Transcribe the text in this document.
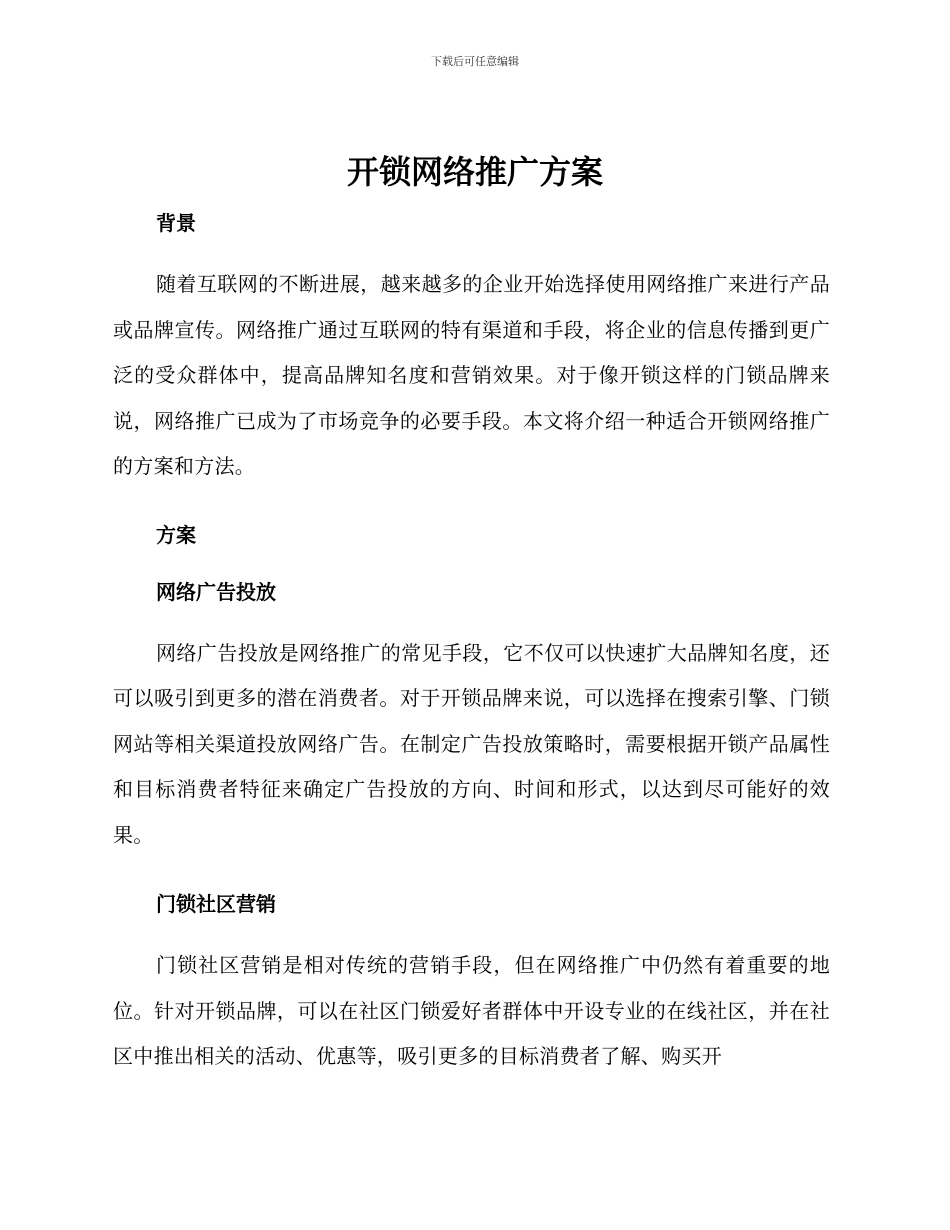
下载后可任意编辑
开锁网络推广方案
背景

随着互联网的不断进展，越来越多的企业开始选择使用网络推广来进行产品或品牌宣传。网络推广通过互联网的特有渠道和手段，将企业的信息传播到更广泛的受众群体中，提高品牌知名度和营销效果。对于像开锁这样的门锁品牌来说，网络推广已成为了市场竞争的必要手段。本文将介绍一种适合开锁网络推广的方案和方法。

方案
网络广告投放

网络广告投放是网络推广的常见手段，它不仅可以快速扩大品牌知名度，还可以吸引到更多的潜在消费者。对于开锁品牌来说，可以选择在搜索引擎、门锁网站等相关渠道投放网络广告。在制定广告投放策略时，需要根据开锁产品属性和目标消费者特征来确定广告投放的方向、时间和形式，以达到尽可能好的效果。

门锁社区营销

门锁社区营销是相对传统的营销手段，但在网络推广中仍然有着重要的地位。针对开锁品牌，可以在社区门锁爱好者群体中开设专业的在线社区，并在社区中推出相关的活动、优惠等，吸引更多的目标消费者了解、购买开
